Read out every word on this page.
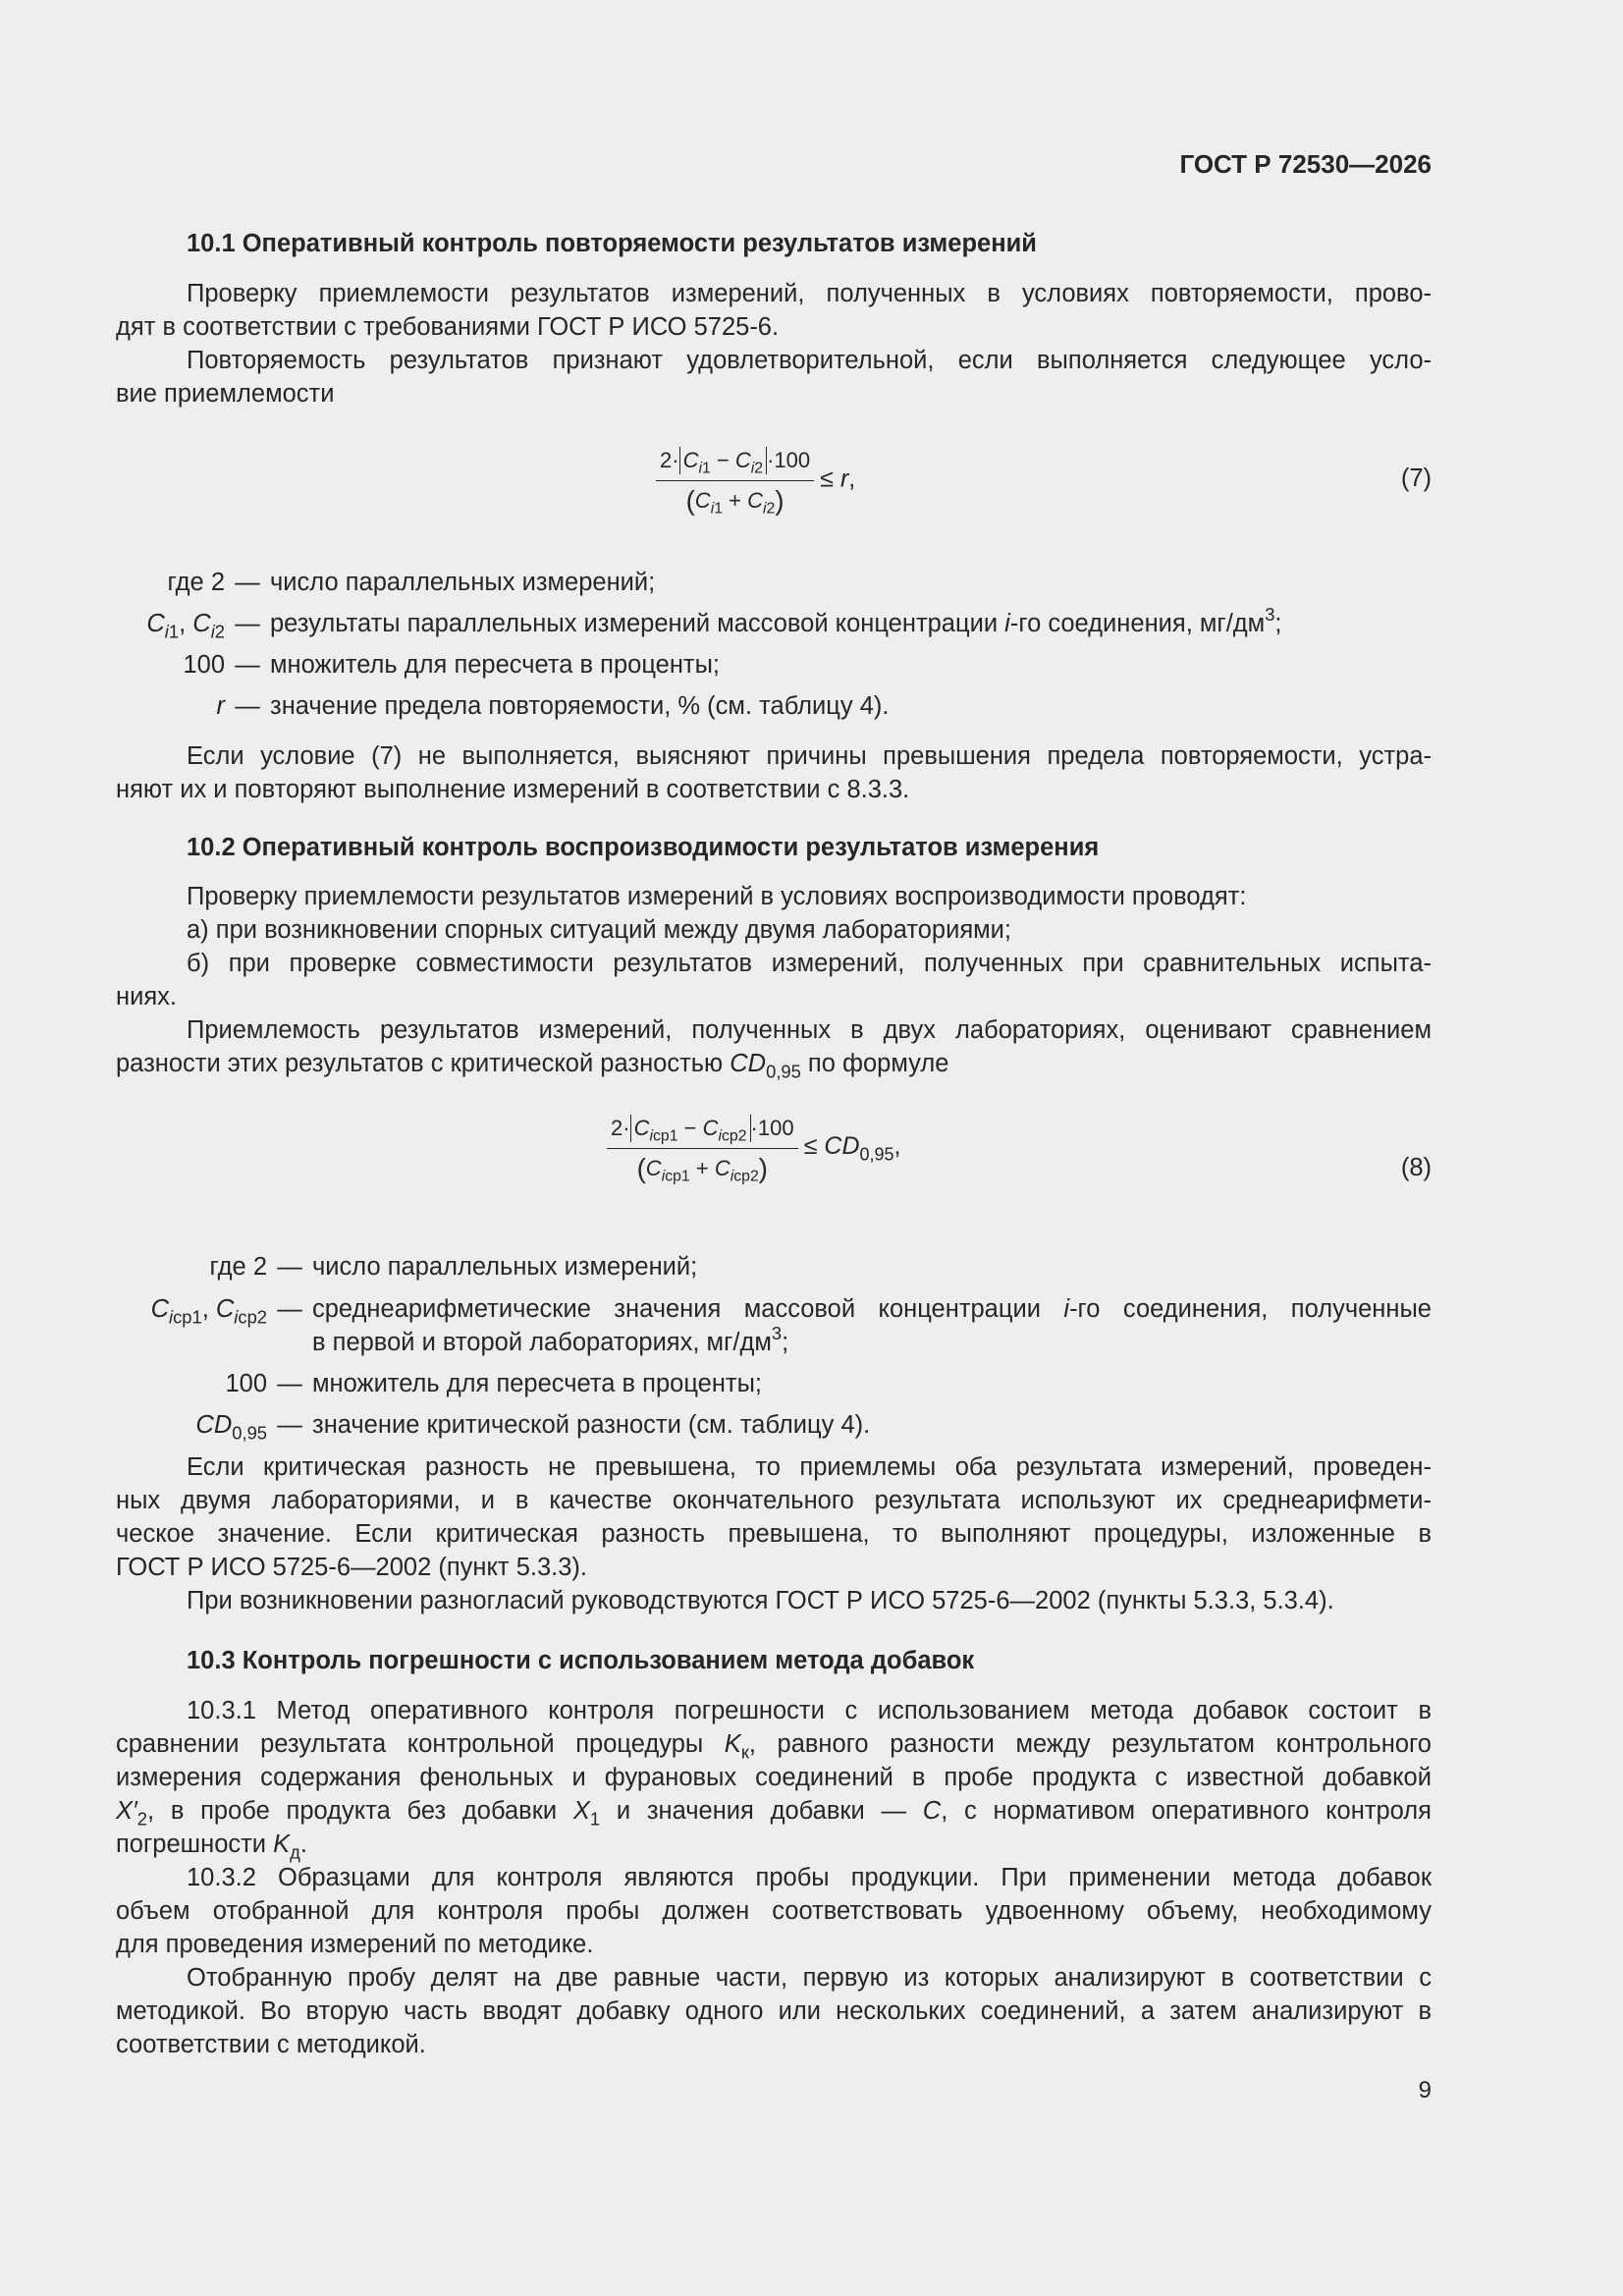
ГОСТ Р 72530—2026

10.1 Оперативный контроль повторяемости результатов измерений

Проверку приемлемости результатов измерений, полученных в условиях повторяемости, прово-

дят в соответствии с требованиями ГОСТ Р ИСО 5725-6.

Повторяемость результатов признают удовлетворительной, если выполняется следующее усло-

вие приемлемости

$\frac{2\cdot C_{i1} - C_{i2} \cdot 100}{(C_{i1} + C_{i2})} \le r$,	(7)
где 2 — число параллельных измерений;
$C_{i1}$, $C_{i2}$ — результаты параллельных измерений массовой концентрации i-го соединения, $мг/дм^3$;
100 — множитель для пересчета в проценты;
r — значение предела повторяемости, % (см. таблицу 4).

Если условие (7) не выполняется, выясняют причины превышения предела повторяемости, устра-

няют их и повторяют выполнение измерений в соответствии с 8.3.3.

10.2 Оперативный контроль воспроизводимости результатов измерения

Проверку приемлемости результатов измерений в условиях воспроизводимости проводят:

а) при возникновении спорных ситуаций между двумя лабораториями;

б) при проверке совместимости результатов измерений, полученных при сравнительных испыта-

ниях.

Приемлемость результатов измерений, полученных в двух лабораториях, оценивают сравнением

разности этих результатов с критической разностью $CD_{0,95}$ по формуле

$\frac{2\cdot C_{iср1} - C_{iср2} \cdot 100}{(C_{iср1} + C_{iср2})} \le CD_{0,95}$,
(8)
где 2 — число параллельных измерений;
$C_{iср1}$, $C_{iср2}$ — среднеарифметические значения массовой концентрации i-го соединения, полученные
в первой и второй лабораториях, $мг/дм^3$;
100 — множитель для пересчета в проценты;
$CD_{0,95}$ — значение критической разности (см. таблицу 4).

Если критическая разность не превышена, то приемлемы оба результата измерений, проведен-

ных двумя лабораториями, и в качестве окончательного результата используют их среднеарифмети-

ческое значение. Если критическая разность превышена, то выполняют процедуры, изложенные в

ГОСТ Р ИСО 5725-6—2002 (пункт 5.3.3).

При возникновении разногласий руководствуются ГОСТ Р ИСО 5725-6—2002 (пункты 5.3.3, 5.3.4).

10.3 Контроль погрешности с использованием метода добавок

10.3.1 Метод оперативного контроля погрешности с использованием метода добавок состоит в

сравнении результата контрольной процедуры $K_к$, равного разности между результатом контрольного

измерения содержания фенольных и фурановых соединений в пробе продукта с известной добавкой

$X'_2$, в пробе продукта без добавки $X_1$ и значения добавки — C, с нормативом оперативного контроля

погрешности $K_д$.

10.3.2 Образцами для контроля являются пробы продукции. При применении метода добавок

объем отобранной для контроля пробы должен соответствовать удвоенному объему, необходимому

для проведения измерений по методике.

Отобранную пробу делят на две равные части, первую из которых анализируют в соответствии с

методикой. Во вторую часть вводят добавку одного или нескольких соединений, а затем анализируют в

соответствии с методикой.

9
